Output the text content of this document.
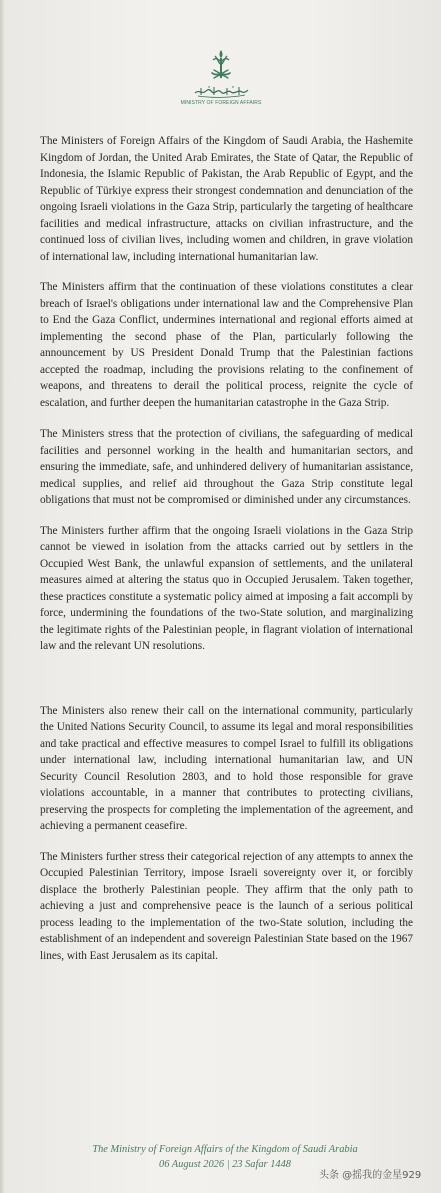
MINISTRY OF FOREIGN AFFAIRS

The Ministers of Foreign Affairs of the Kingdom of Saudi Arabia, the Hashemite Kingdom of Jordan, the United Arab Emirates, the State of Qatar, the Republic of Indonesia, the Islamic Republic of Pakistan, the Arab Republic of Egypt, and the Republic of Türkiye express their strongest condemnation and denunciation of the ongoing Israeli violations in the Gaza Strip, particularly the targeting of healthcare facilities and medical infrastructure, attacks on civilian infrastructure, and the continued loss of civilian lives, including women and children, in grave violation of international law, including international humanitarian law.

The Ministers affirm that the continuation of these violations constitutes a clear breach of Israel's obligations under international law and the Comprehensive Plan to End the Gaza Conflict, undermines international and regional efforts aimed at implementing the second phase of the Plan, particularly following the announcement by US President Donald Trump that the Palestinian factions accepted the roadmap, including the provisions relating to the confinement of weapons, and threatens to derail the political process, reignite the cycle of escalation, and further deepen the humanitarian catastrophe in the Gaza Strip.

The Ministers stress that the protection of civilians, the safeguarding of medical facilities and personnel working in the health and humanitarian sectors, and ensuring the immediate, safe, and unhindered delivery of humanitarian assistance, medical supplies, and relief aid throughout the Gaza Strip constitute legal obligations that must not be compromised or diminished under any circumstances.

The Ministers further affirm that the ongoing Israeli violations in the Gaza Strip cannot be viewed in isolation from the attacks carried out by settlers in the Occupied West Bank, the unlawful expansion of settlements, and the unilateral measures aimed at altering the status quo in Occupied Jerusalem. Taken together, these practices constitute a systematic policy aimed at imposing a fait accompli by force, undermining the foundations of the two-State solution, and marginalizing the legitimate rights of the Palestinian people, in flagrant violation of international law and the relevant UN resolutions.

The Ministers also renew their call on the international community, particularly the United Nations Security Council, to assume its legal and moral responsibilities and take practical and effective measures to compel Israel to fulfill its obligations under international law, including international humanitarian law, and UN Security Council Resolution 2803, and to hold those responsible for grave violations accountable, in a manner that contributes to protecting civilians, preserving the prospects for completing the implementation of the agreement, and achieving a permanent ceasefire.

The Ministers further stress their categorical rejection of any attempts to annex the Occupied Palestinian Territory, impose Israeli sovereignty over it, or forcibly displace the brotherly Palestinian people. They affirm that the only path to achieving a just and comprehensive peace is the launch of a serious political process leading to the implementation of the two-State solution, including the establishment of an independent and sovereign Palestinian State based on the 1967 lines, with East Jerusalem as its capital.

The Ministry of Foreign Affairs of the Kingdom of Saudi Arabia
06 August 2026 | 23 Safar 1448
头条 @摇我的金星929
